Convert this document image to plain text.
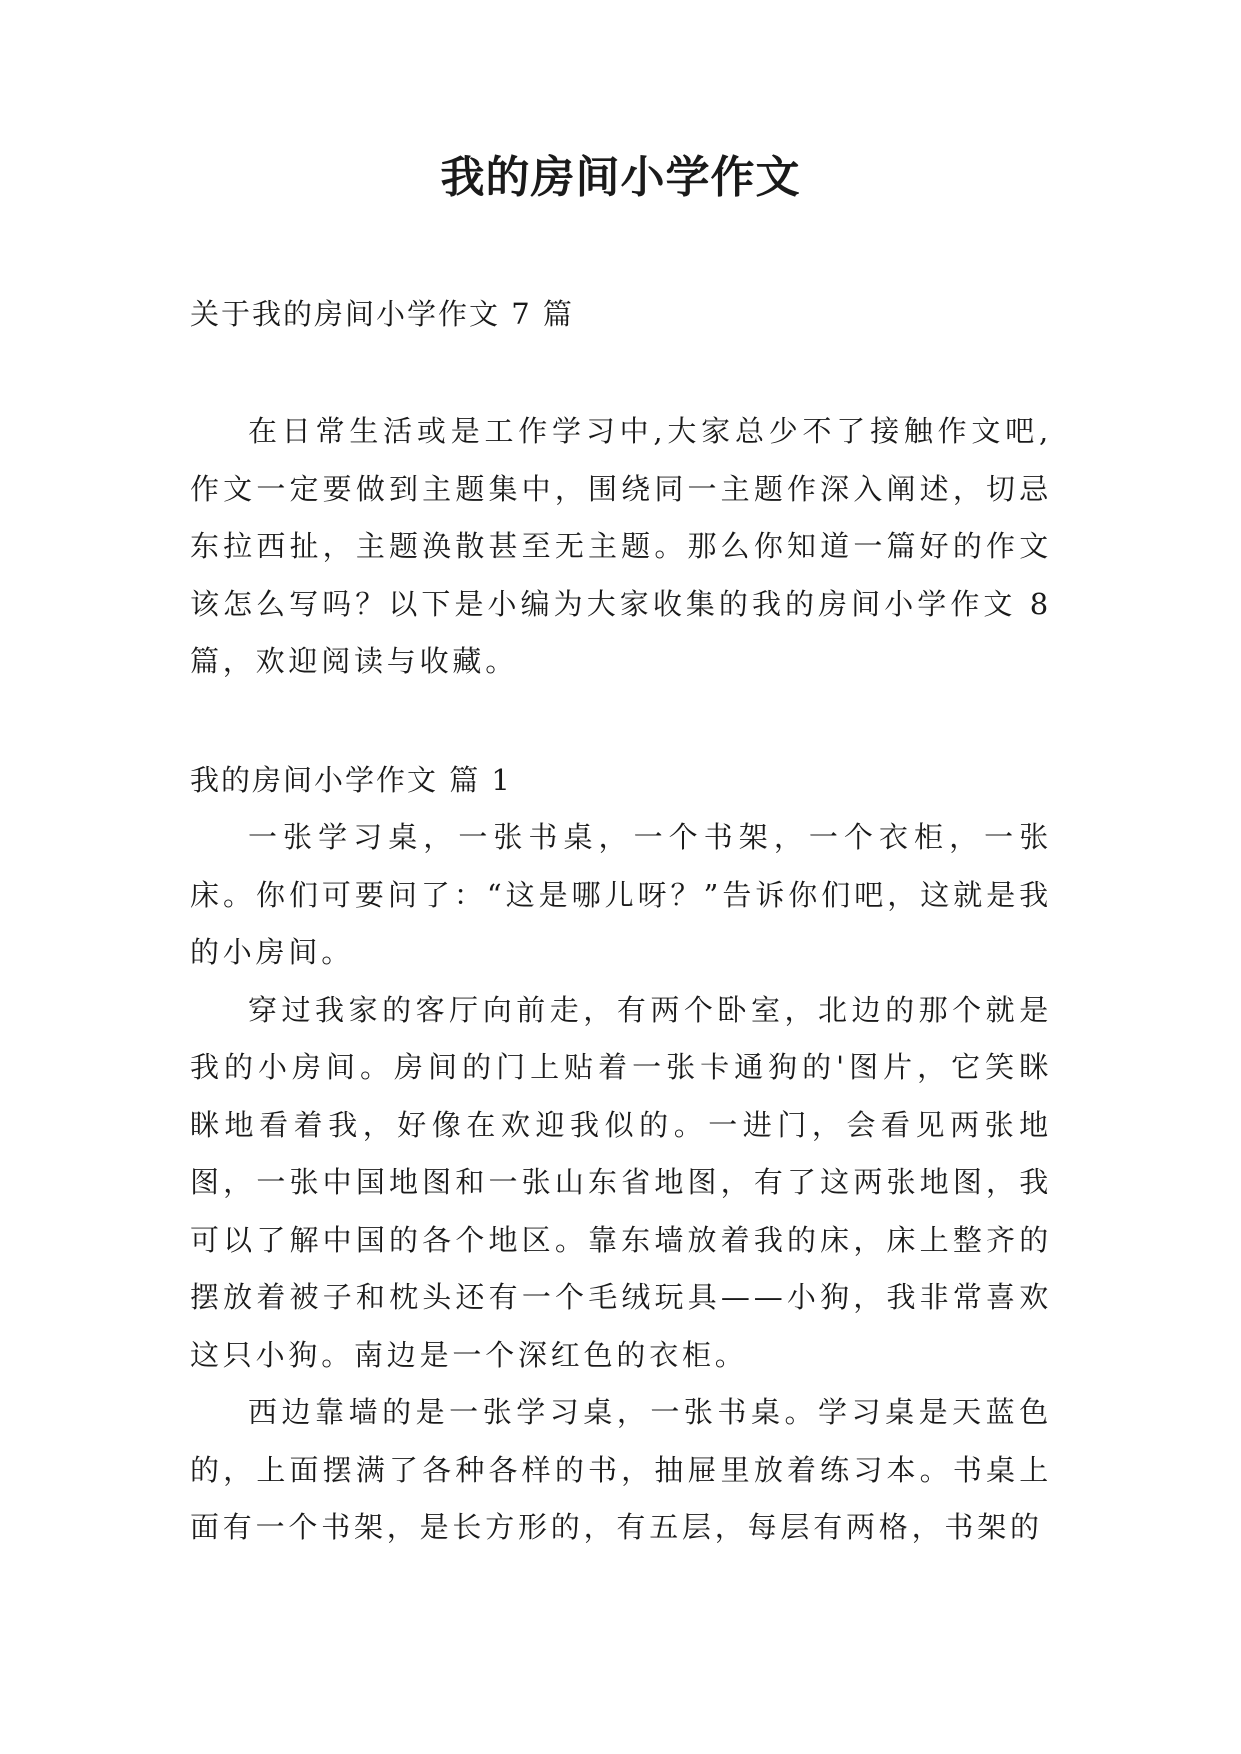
我的房间小学作文
关于我的房间小学作文 7 篇

在日常生活或是工作学习中,大家总少不了接触作文吧,作文一定要做到主题集中，围绕同一主题作深入阐述，切忌东拉西扯，主题涣散甚至无主题。那么你知道一篇好的作文该怎么写吗？以下是小编为大家收集的我的房间小学作文 8 篇，欢迎阅读与收藏。

我的房间小学作文 篇 1

一张学习桌，一张书桌，一个书架，一个衣柜，一张床。你们可要问了：“这是哪儿呀？”告诉你们吧，这就是我的小房间。

穿过我家的客厅向前走，有两个卧室，北边的那个就是我的小房间。房间的门上贴着一张卡通狗的'图片，它笑眯眯地看着我，好像在欢迎我似的。一进门，会看见两张地图，一张中国地图和一张山东省地图，有了这两张地图，我可以了解中国的各个地区。靠东墙放着我的床，床上整齐的摆放着被子和枕头还有一个毛绒玩具——小狗，我非常喜欢这只小狗。南边是一个深红色的衣柜。

西边靠墙的是一张学习桌，一张书桌。学习桌是天蓝色的，上面摆满了各种各样的书，抽屉里放着练习本。书桌上面有一个书架，是长方形的，有五层，每层有两格，书架的
